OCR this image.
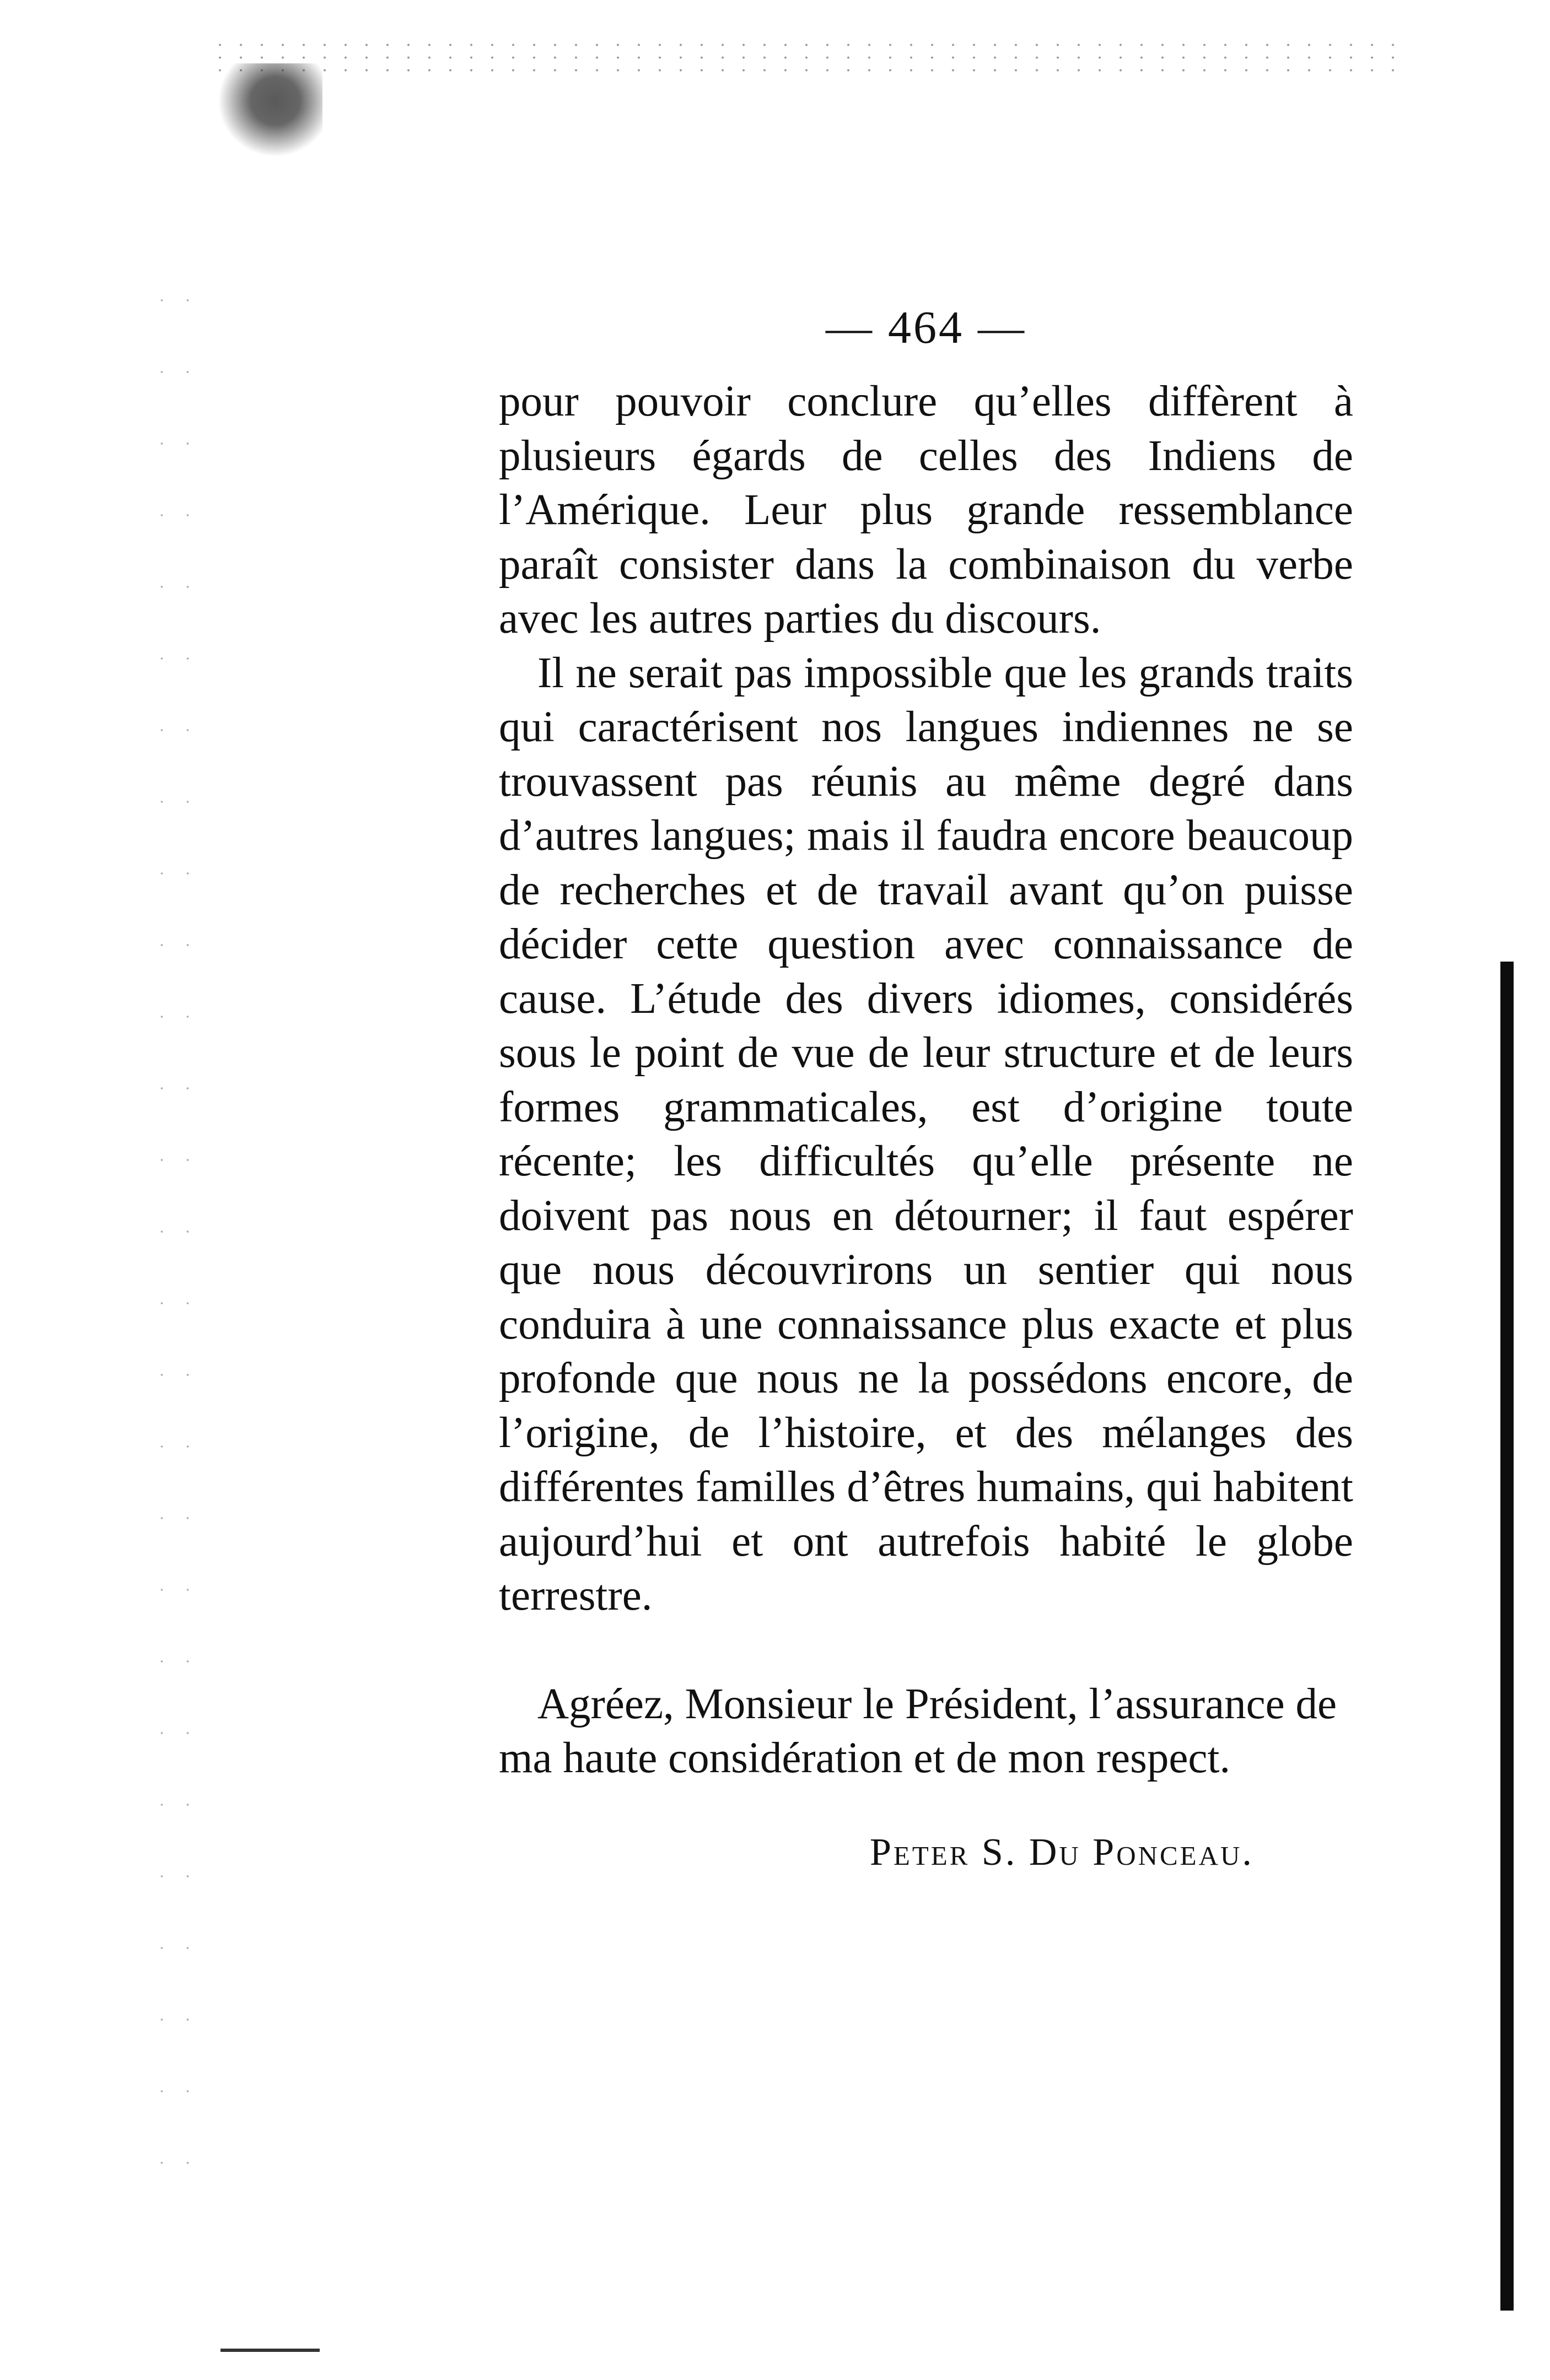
— 464 —

pour pouvoir conclure qu’elles diffèrent à plusieurs égards de celles des Indiens de l’Amérique. Leur plus grande ressemblance paraît consister dans la combinaison du verbe avec les autres parties du discours.

Il ne serait pas impossible que les grands traits qui caractérisent nos langues indiennes ne se trouvassent pas réunis au même degré dans d’autres langues; mais il faudra encore beaucoup de recherches et de travail avant qu’on puisse décider cette question avec connaissance de cause. L’étude des divers idiomes, considérés sous le point de vue de leur structure et de leurs formes grammaticales, est d’origine toute récente; les difficultés qu’elle présente ne doivent pas nous en détourner; il faut espérer que nous découvrirons un sentier qui nous conduira à une connaissance plus exacte et plus profonde que nous ne la possédons encore, de l’origine, de l’histoire, et des mélanges des différentes familles d’êtres humains, qui habitent aujourd’hui et ont autrefois habité le globe terrestre.

Agréez, Monsieur le Président, l’assurance de ma haute considération et de mon respect.

Peter S. Du Ponceau.
